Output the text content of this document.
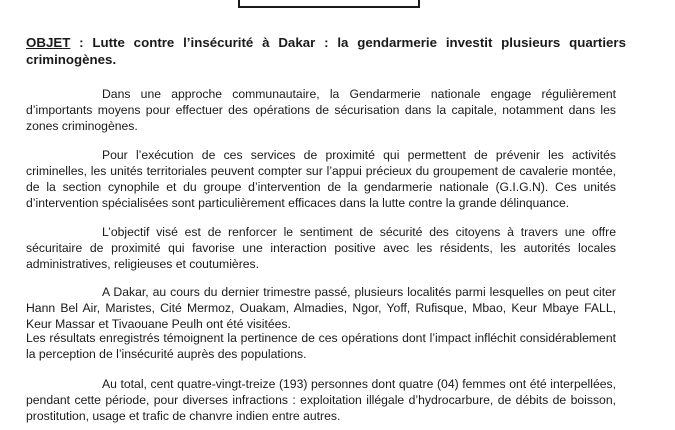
OBJET : Lutte contre l’insécurité à Dakar : la gendarmerie investit plusieurs quartiers criminogènes.
Dans une approche communautaire, la Gendarmerie nationale engage régulièrement d’importants moyens pour effectuer des opérations de sécurisation dans la capitale, notamment dans les zones criminogènes.
Pour l’exécution de ces services de proximité qui permettent de prévenir les activités criminelles, les unités territoriales peuvent compter sur l’appui précieux du groupement de cavalerie montée, de la section cynophile et du groupe d’intervention de la gendarmerie nationale (G.I.G.N). Ces unités d’intervention spécialisées sont particulièrement efficaces dans la lutte contre la grande délinquance.
L’objectif visé est de renforcer le sentiment de sécurité des citoyens à travers une offre sécuritaire de proximité qui favorise une interaction positive avec les résidents, les autorités locales administratives, religieuses et coutumières.
A Dakar, au cours du dernier trimestre passé, plusieurs localités parmi lesquelles on peut citer Hann Bel Air, Maristes, Cité Mermoz, Ouakam, Almadies, Ngor, Yoff, Rufisque, Mbao, Keur Mbaye FALL, Keur Massar et Tivaouane Peulh ont été visitées.
Les résultats enregistrés témoignent la pertinence de ces opérations dont l’impact infléchit considérablement la perception de l’insécurité auprès des populations.
Au total, cent quatre-vingt-treize (193) personnes dont quatre (04) femmes ont été interpellées, pendant cette période, pour diverses infractions : exploitation illégale d’hydrocarbure, de débits de boisson, prostitution, usage et trafic de chanvre indien entre autres.
